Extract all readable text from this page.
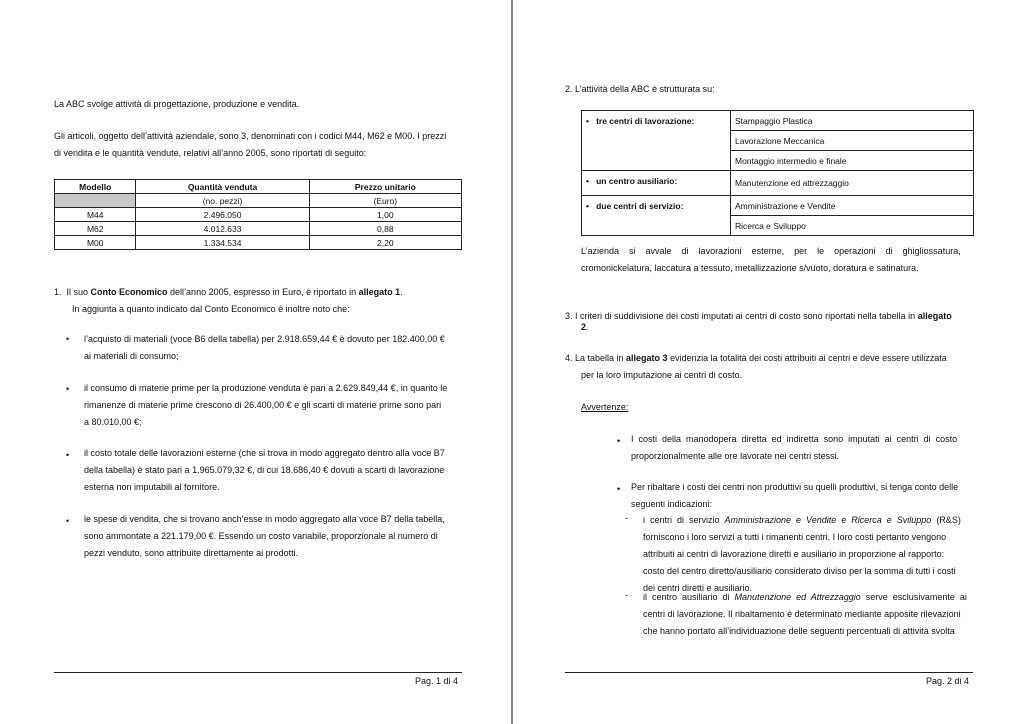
La ABC svolge attività di progettazione, produzione e vendita.
Gli articoli, oggetto dell’attività aziendale, sono 3, denominati con i codici M44, M62 e M00. I prezzi
di vendita e le quantità vendute, relativi all’anno 2005, sono riportati di seguito:
Modello	Quantità venduta	Prezzo unitario
	(no. pezzi)	(Euro)
M44	2.496.050	1,00
M62	4.012.633	0,88
M00	1.334.534	2,20
1. Il suo Conto Economico dell’anno 2005, espresso in Euro, è riportato in allegato 1.
In aggiunta a quanto indicato dal Conto Economico è inoltre noto che:
• l’acquisto di materiali (voce B6 della tabella) per 2.918.659,44 € è dovuto per 182.400,00 €
ai materiali di consumo;
• il consumo di materie prime per la produzione venduta è pari a 2.629.849,44 €, in quanto le
rimanenze di materie prime crescono di 26.400,00 € e gli scarti di materie prime sono pari
a 80.010,00 €;
• il costo totale delle lavorazioni esterne (che si trova in modo aggregato dentro alla voce B7
della tabella) è stato pari a 1.965.079,32 €, di cui 18.686,40 € dovuti a scarti di lavorazione
esterna non imputabili al fornitore.
• le spese di vendita, che si trovano anch’esse in modo aggregato alla voce B7 della tabella,
sono ammontate a 221.179,00 €. Essendo un costo variabile, proporzionale al numero di
pezzi venduto, sono attribuite direttamente ai prodotti.
Pag. 1 di 4
2. L’attività della ABC è strutturata su:
•   tre centri di lavorazione:	Stampaggio Plastica
	Lavorazione Meccanica
	Montaggio intermedio e finale
•   un centro ausiliario:	Manutenzione ed attrezzaggio
•   due centri di servizio:	Amministrazione e Vendite
	Ricerca e Sviluppo
L’azienda    si    avvale    di    lavorazioni    esterne,    per    le    operazioni    di    ghigliossatura,
cromonickelatura, laccatura a tessuto, metallizzazione s/vuoto, doratura e satinatura.
3. I criteri di suddivisione dei costi imputati ai centri di costo sono riportati nella tabella in allegato
2.
4. La tabella in allegato 3 evidenzia la totalità dei costi attribuiti ai centri e deve essere utilizzata
per la loro imputazione ai centri di costo.
Avvertenze:
• I  costi  della  manodopera  diretta  ed  indiretta  sono  imputati  ai  centri  di  costo
proporzionalmente alle ore lavorate nei centri stessi.
• Per ribaltare i costi dei centri non produttivi su quelli produttivi, si tenga conto delle
seguenti indicazioni:
- i  centri  di  servizio  Amministrazione  e  Vendite  e  Ricerca  e  Sviluppo  (R&S)
forniscono i loro servizi a tutti i rimanenti centri. I loro costi pertanto vengono
attribuiti ai centri di lavorazione diretti e ausiliario in proporzione al rapporto:
costo del centro diretto/ausiliario considerato diviso per la somma di tutti i costi
dei centri diretti e ausiliario.
- il  centro  ausiliario  di  Manutenzione  ed  Attrezzaggio  serve  esclusivamente  ai
centri di lavorazione. Il ribaltamento è determinato mediante apposite rilevazioni
che hanno portato all’individuazione delle seguenti percentuali di attività svolta
Pag. 2 di 4
